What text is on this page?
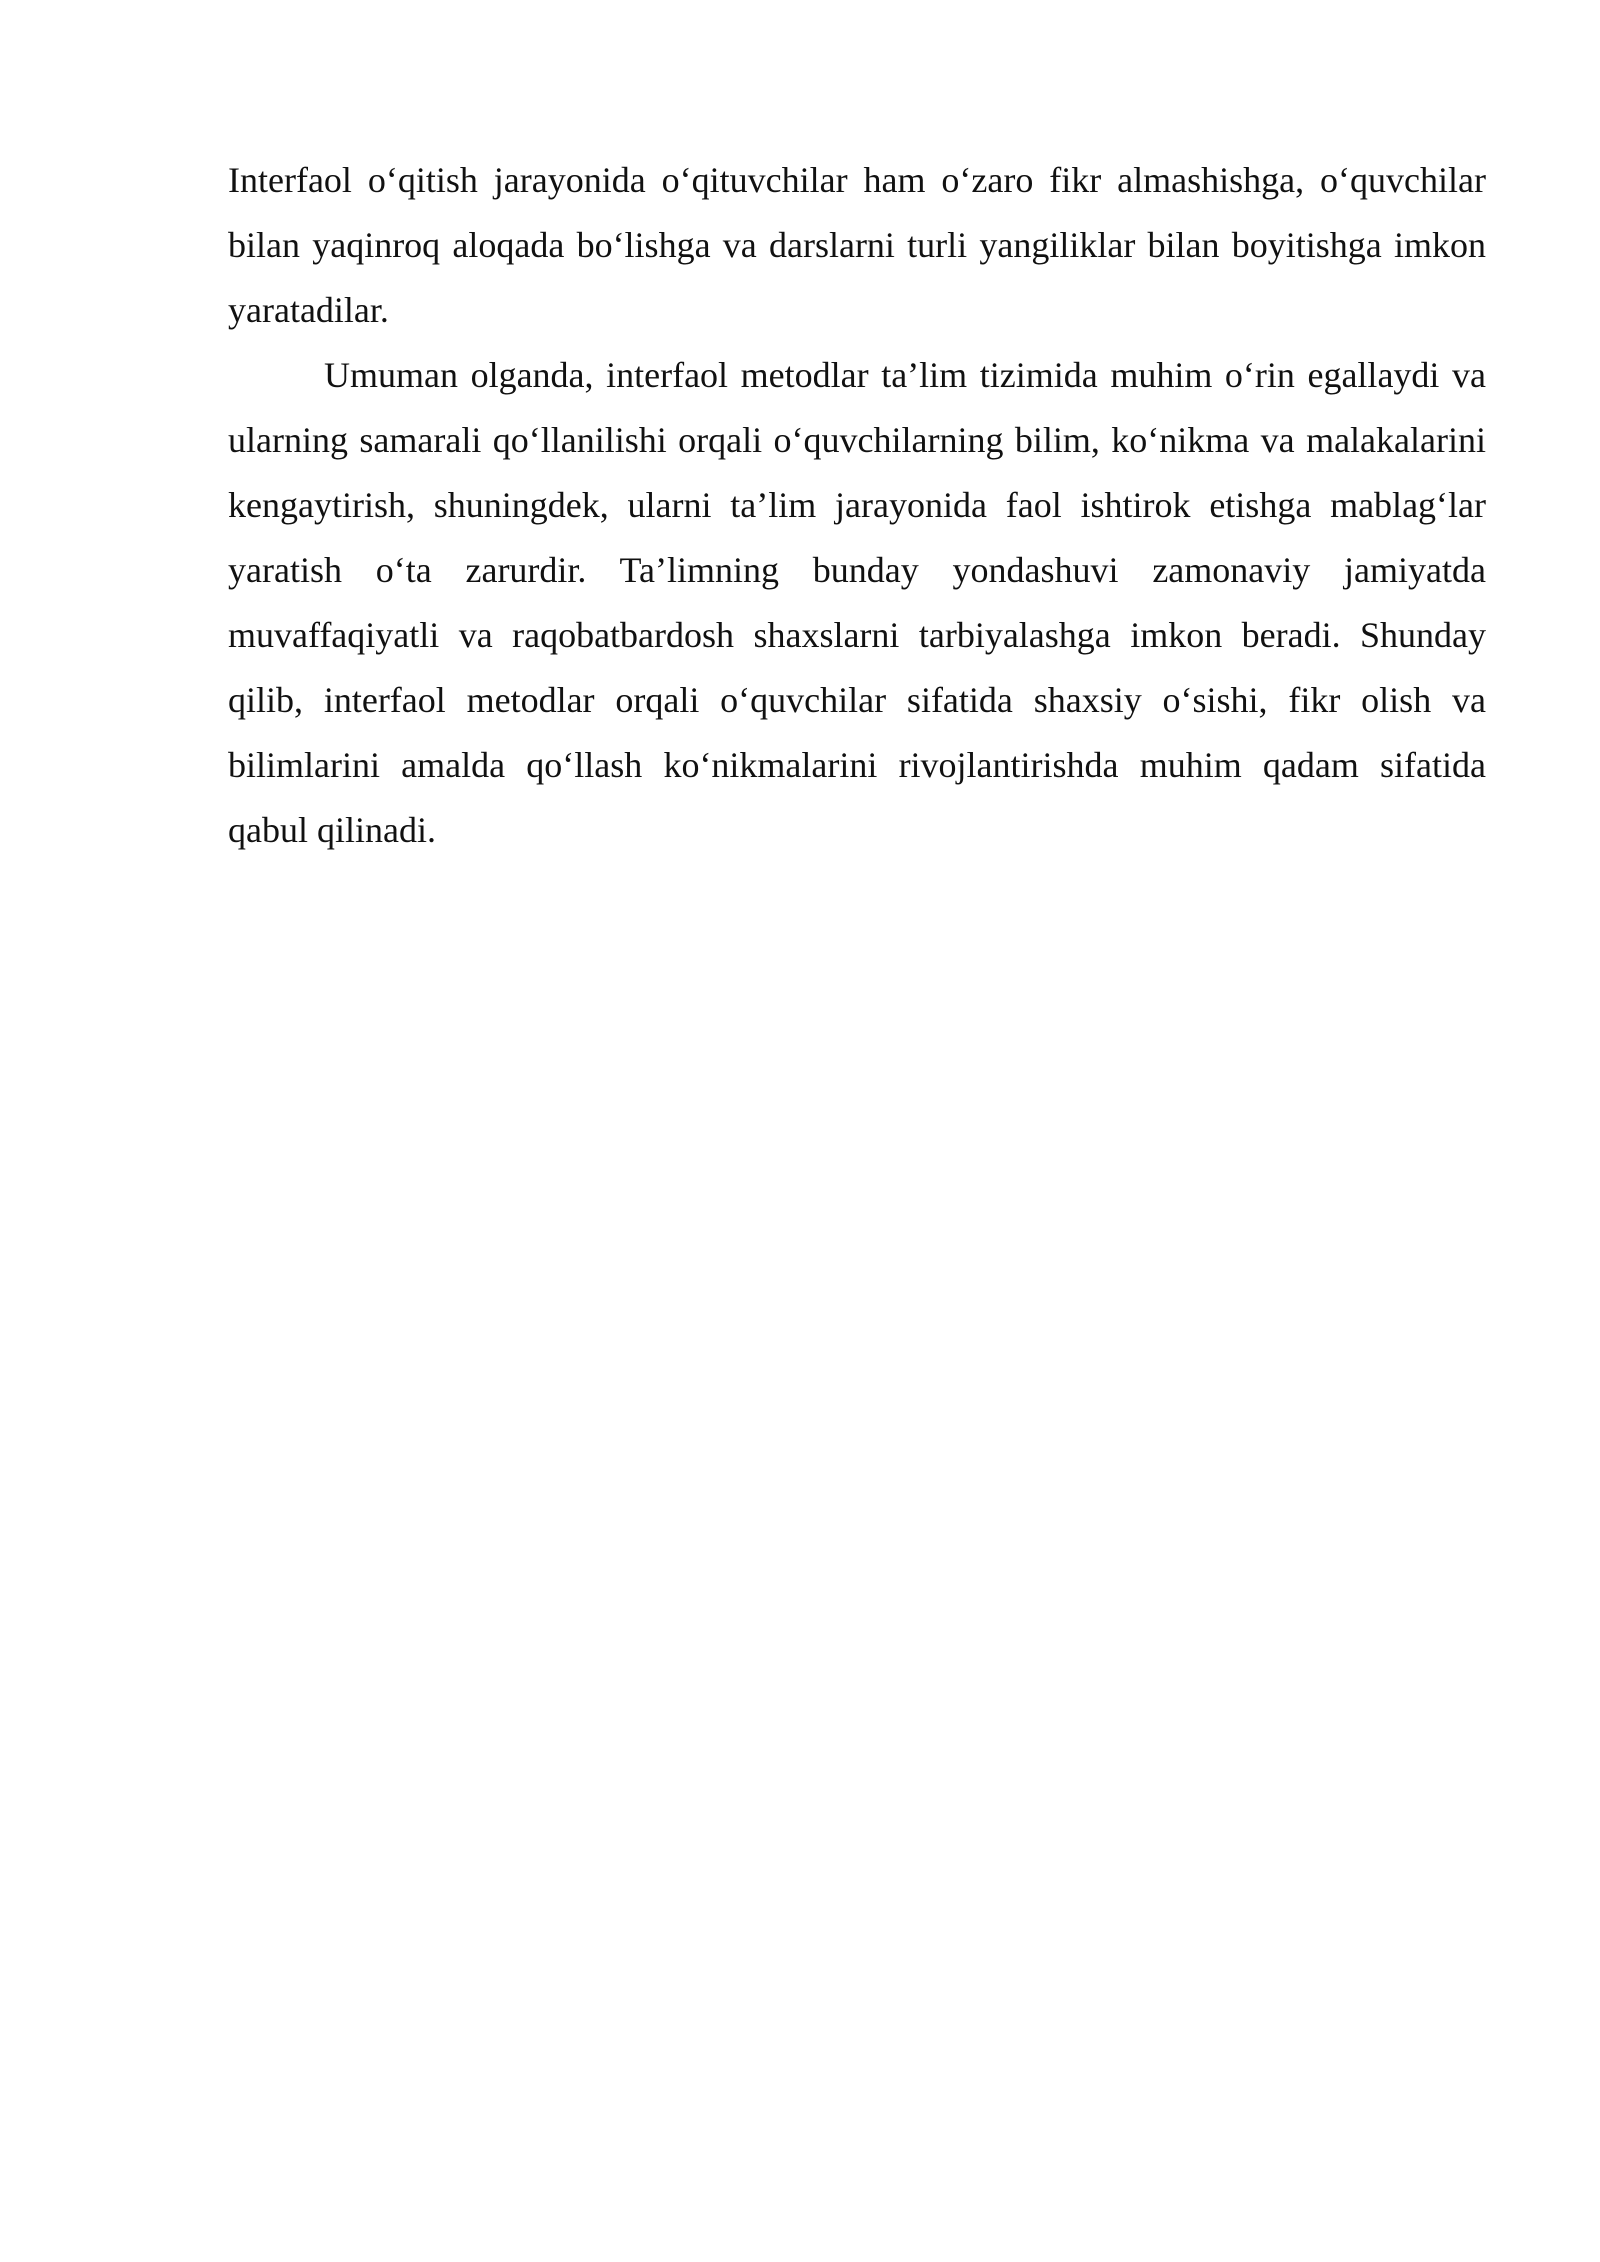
Interfaol o‘qitish jarayonida o‘qituvchilar ham o‘zaro fikr almashishga, o‘quvchilar bilan yaqinroq aloqada bo‘lishga va darslarni turli yangiliklar bilan boyitishga imkon yaratadilar.

Umuman olganda, interfaol metodlar ta’lim tizimida muhim o‘rin egallaydi va ularning samarali qo‘llanilishi orqali o‘quvchilarning bilim, ko‘nikma va malakalarini kengaytirish, shuningdek, ularni ta’lim jarayonida faol ishtirok etishga mablag‘lar yaratish o‘ta zarurdir. Ta’limning bunday yondashuvi zamonaviy jamiyatda muvaffaqiyatli va raqobatbardosh shaxslarni tarbiyalashga imkon beradi. Shunday qilib, interfaol metodlar orqali o‘quvchilar sifatida shaxsiy o‘sishi, fikr olish va bilimlarini amalda qo‘llash ko‘nikmalarini rivojlantirishda muhim qadam sifatida qabul qilinadi.
